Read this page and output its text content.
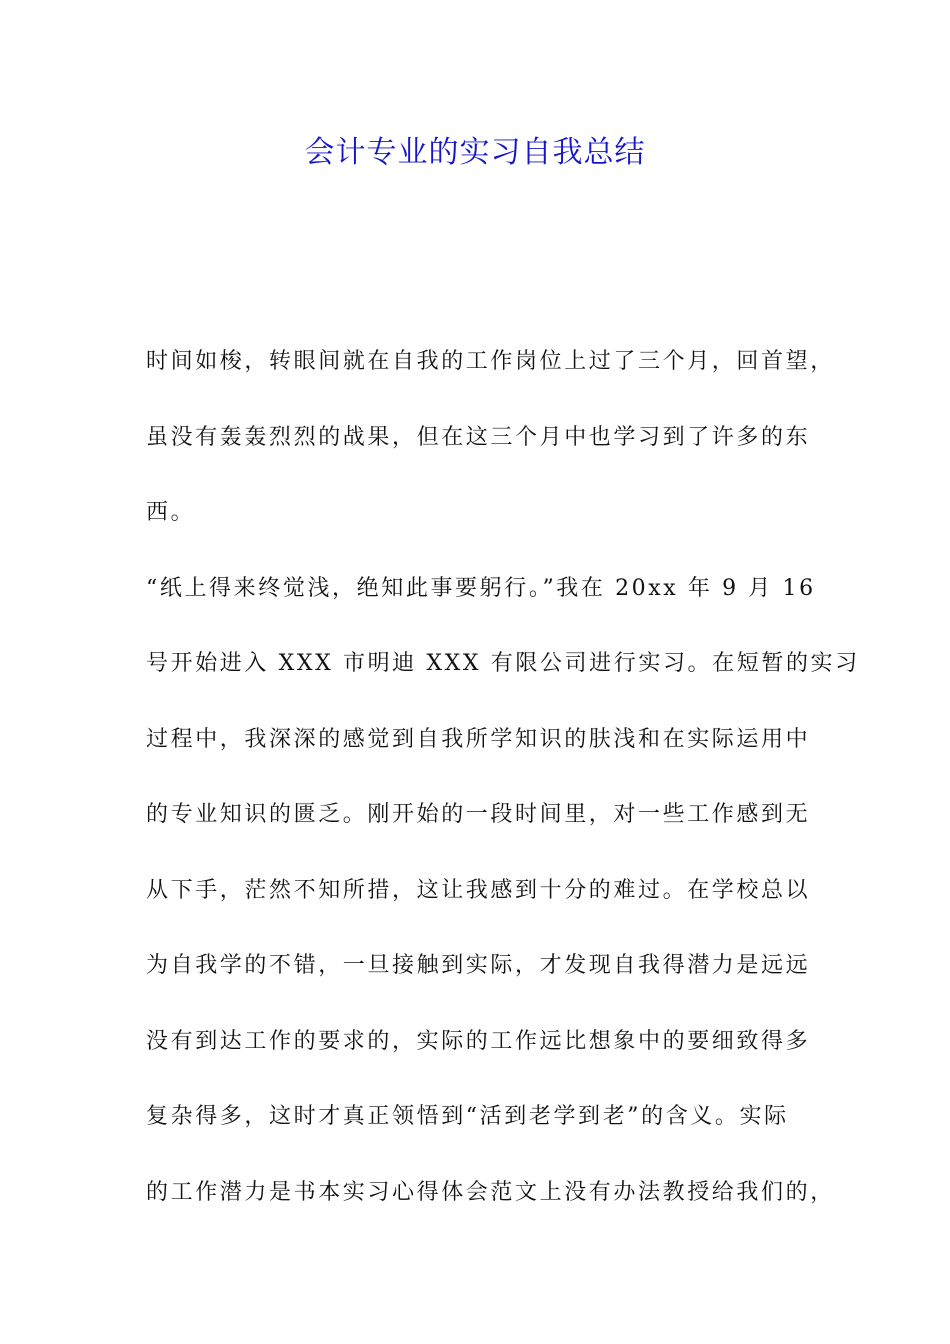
会计专业的实习自我总结
时间如梭，转眼间就在自我的工作岗位上过了三个月，回首望，
虽没有轰轰烈烈的战果，但在这三个月中也学习到了许多的东
西。
“纸上得来终觉浅，绝知此事要躬行。”我在 20xx 年 9 月 16
号开始进入 XXX 市明迪 XXX 有限公司进行实习。在短暂的实习
过程中，我深深的感觉到自我所学知识的肤浅和在实际运用中
的专业知识的匮乏。刚开始的一段时间里，对一些工作感到无
从下手，茫然不知所措，这让我感到十分的难过。在学校总以
为自我学的不错，一旦接触到实际，才发现自我得潜力是远远
没有到达工作的要求的，实际的工作远比想象中的要细致得多
复杂得多，这时才真正领悟到“活到老学到老”的含义。实际
的工作潜力是书本实习心得体会范文上没有办法教授给我们的，
